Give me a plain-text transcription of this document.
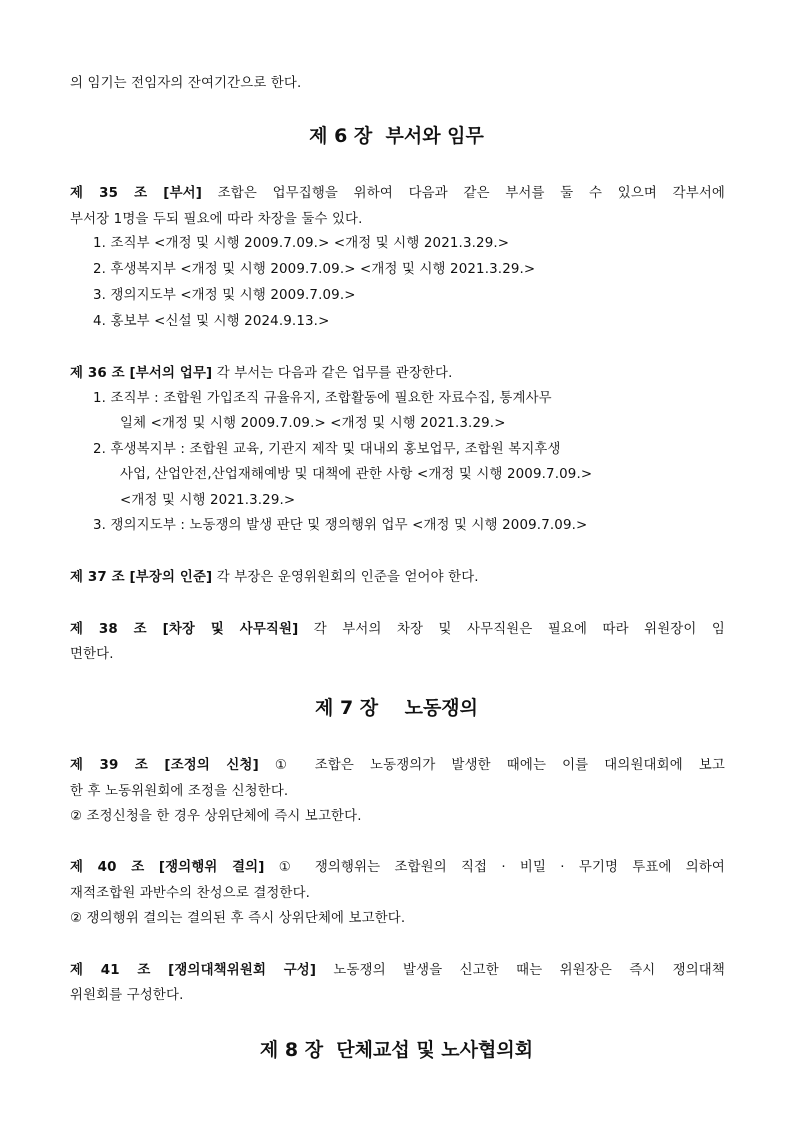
의 임기는 전임자의 잔여기간으로 한다.
제 6 장  부서와 임무
제 35 조 [부서] 조합은 업무집행을 위하여 다음과 같은 부서를 둘 수 있으며 각부서에
부서장 1명을 두되 필요에 따라 차장을 둘수 있다.
1. 조직부 <개정 및 시행 2009.7.09.> <개정 및 시행 2021.3.29.>
2. 후생복지부 <개정 및 시행 2009.7.09.> <개정 및 시행 2021.3.29.>
3. 쟁의지도부 <개정 및 시행 2009.7.09.>
4. 홍보부 <신설 및 시행 2024.9.13.>
제 36 조 [부서의 업무] 각 부서는 다음과 같은 업무를 관장한다.
1. 조직부 : 조합원 가입조직 규율유지, 조합활동에 필요한 자료수집, 통계사무
일체 <개정 및 시행 2009.7.09.> <개정 및 시행 2021.3.29.>
2. 후생복지부 : 조합원 교육, 기관지 제작 및 대내외 홍보업무, 조합원 복지후생
사업, 산업안전,산업재해예방 및 대책에 관한 사항 <개정 및 시행 2009.7.09.>
<개정 및 시행 2021.3.29.>
3. 쟁의지도부 : 노동쟁의 발생 판단 및 쟁의행위 업무 <개정 및 시행 2009.7.09.>
제 37 조 [부장의 인준] 각 부장은 운영위원회의 인준을 얻어야 한다.
제 38 조 [차장 및 사무직원] 각 부서의 차장 및 사무직원은 필요에 따라 위원장이 임
면한다.
제 7 장    노동쟁의
제 39 조 [조정의 신청] ① 조합은 노동쟁의가 발생한 때에는 이를 대의원대회에 보고
한 후 노동위원회에 조정을 신청한다.
② 조정신청을 한 경우 상위단체에 즉시 보고한다.
제 40 조 [쟁의행위 결의] ① 쟁의행위는 조합원의 직접 · 비밀 · 무기명 투표에 의하여
재적조합원 과반수의 찬성으로 결정한다.
② 쟁의행위 결의는 결의된 후 즉시 상위단체에 보고한다.
제 41 조 [쟁의대책위원회 구성] 노동쟁의 발생을 신고한 때는 위원장은 즉시 쟁의대책
위원회를 구성한다.
제 8 장  단체교섭 및 노사협의회
